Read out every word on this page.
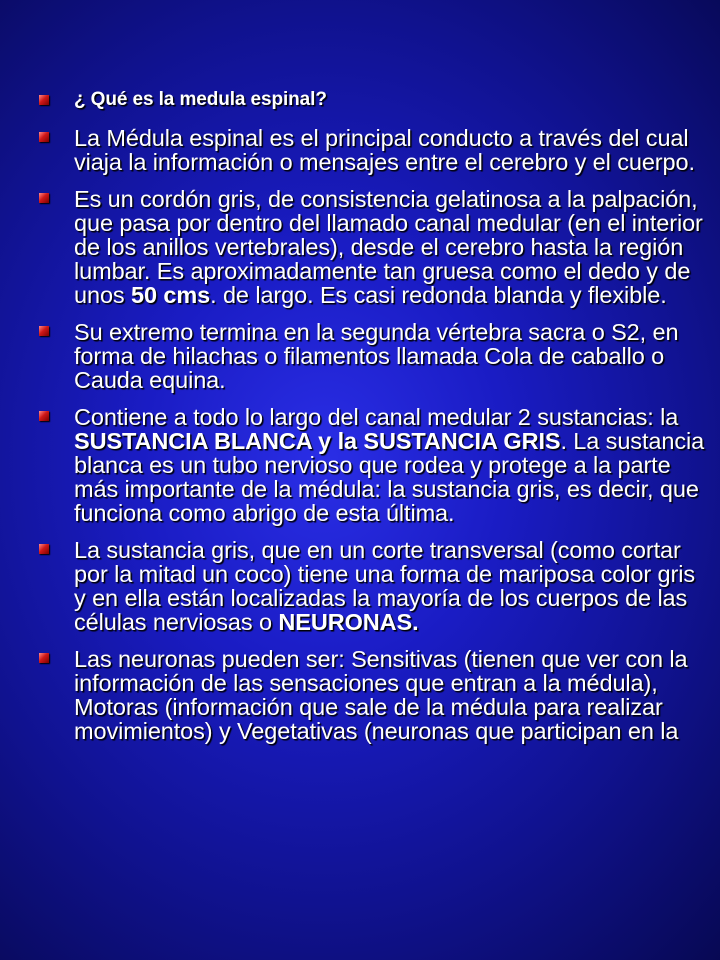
¿ Qué es la medula espinal?
La Médula espinal es el principal conducto a través del cual viaja la información o mensajes entre el cerebro y el cuerpo.
Es un cordón gris, de consistencia gelatinosa a la palpación, que pasa por dentro del llamado canal medular (en el interior de los anillos vertebrales), desde el cerebro hasta la región lumbar. Es aproximadamente tan gruesa como el dedo y de unos 50 cms. de largo. Es casi redonda blanda y flexible.
Su extremo termina en la segunda vértebra sacra o S2, en forma de hilachas o filamentos llamada Cola de caballo o Cauda equina.
Contiene a todo lo largo del canal medular 2 sustancias: la SUSTANCIA BLANCA y la SUSTANCIA GRIS. La sustancia blanca es un tubo nervioso que rodea y protege a la parte más importante de la médula: la sustancia gris, es decir, que funciona como abrigo de esta última.
La sustancia gris, que en un corte transversal (como cortar por la mitad un coco) tiene una forma de mariposa color gris y en ella están localizadas la mayoría de los cuerpos de las células nerviosas o NEURONAS.
Las neuronas pueden ser: Sensitivas (tienen que ver con la información de las sensaciones que entran a la médula), Motoras (información que sale de la médula para realizar movimientos) y Vegetativas (neuronas que participan en la
